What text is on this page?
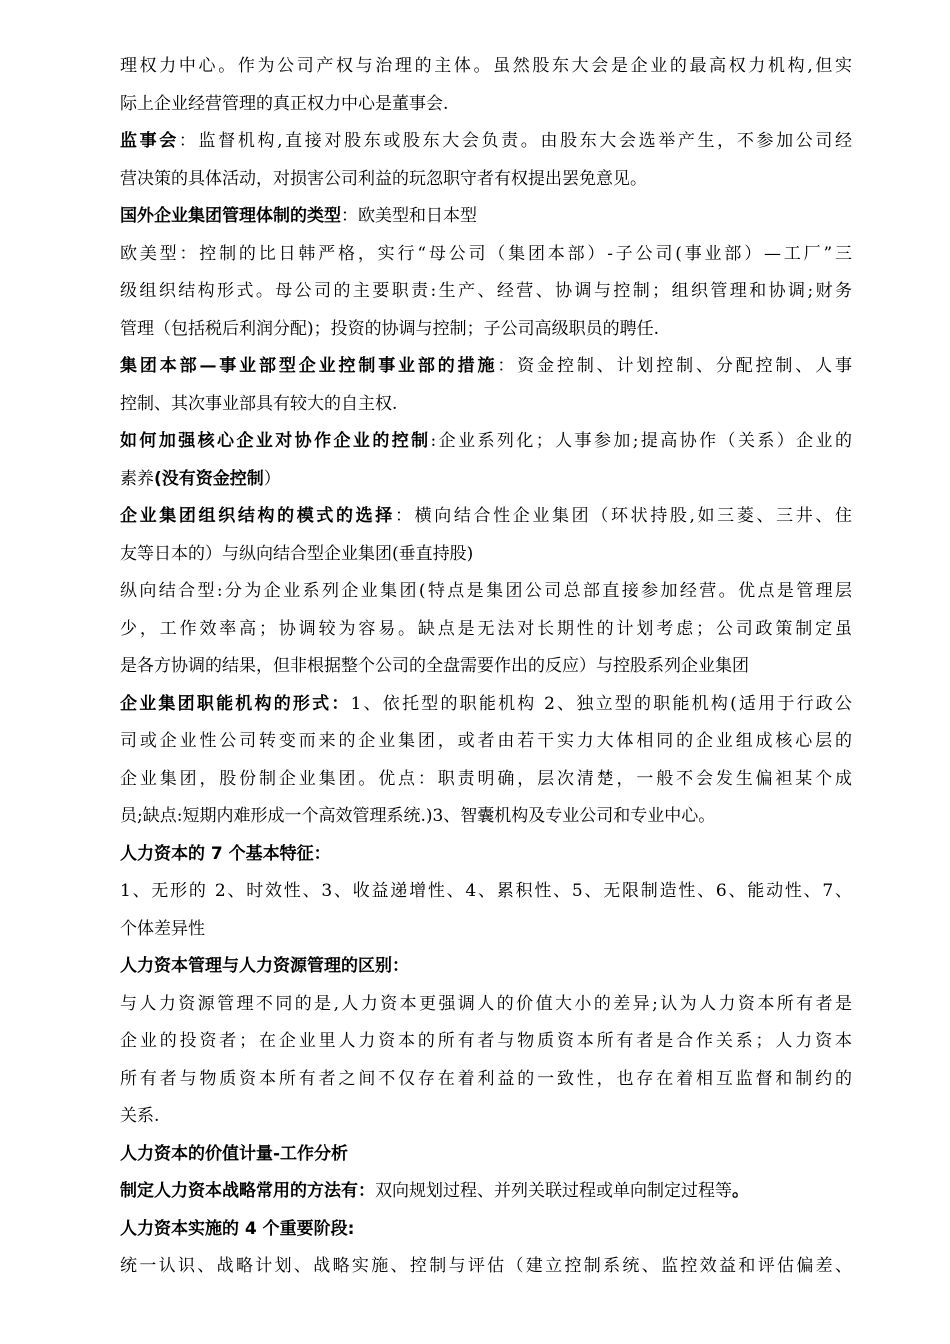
理权力中心。作为公司产权与治理的主体。虽然股东大会是企业的最高权力机构,但实
际上企业经营管理的真正权力中心是董事会.
监事会：监督机构,直接对股东或股东大会负责。由股东大会选举产生，不参加公司经
营决策的具体活动，对损害公司利益的玩忽职守者有权提出罢免意见。
国外企业集团管理体制的类型：欧美型和日本型
欧美型：控制的比日韩严格，实行“母公司（集团本部）-子公司(事业部）—工厂”三
级组织结构形式。母公司的主要职责:生产、经营、协调与控制；组织管理和协调;财务
管理（包括税后利润分配)；投资的协调与控制；子公司高级职员的聘任.
集团本部—事业部型企业控制事业部的措施：资金控制、计划控制、分配控制、人事
控制、其次事业部具有较大的自主权.
如何加强核心企业对协作企业的控制:企业系列化；人事参加;提高协作（关系）企业的
素养(没有资金控制）
企业集团组织结构的模式的选择：横向结合性企业集团（环状持股,如三菱、三井、住
友等日本的）与纵向结合型企业集团(垂直持股)
纵向结合型:分为企业系列企业集团(特点是集团公司总部直接参加经营。优点是管理层
少，工作效率高；协调较为容易。缺点是无法对长期性的计划考虑；公司政策制定虽
是各方协调的结果，但非根据整个公司的全盘需要作出的反应）与控股系列企业集团
企业集团职能机构的形式：1、依托型的职能机构 2、独立型的职能机构(适用于行政公
司或企业性公司转变而来的企业集团，或者由若干实力大体相同的企业组成核心层的
企业集团，股份制企业集团。优点：职责明确，层次清楚，一般不会发生偏袒某个成
员;缺点:短期内难形成一个高效管理系统.)3、智囊机构及专业公司和专业中心。
人力资本的 7 个基本特征：
1、无形的 2、时效性、3、收益递增性、4、累积性、5、无限制造性、6、能动性、7、
个体差异性
人力资本管理与人力资源管理的区别：
与人力资源管理不同的是,人力资本更强调人的价值大小的差异;认为人力资本所有者是
企业的投资者；在企业里人力资本的所有者与物质资本所有者是合作关系；人力资本
所有者与物质资本所有者之间不仅存在着利益的一致性，也存在着相互监督和制约的
关系.
人力资本的价值计量-工作分析
制定人力资本战略常用的方法有：双向规划过程、并列关联过程或单向制定过程等。
人力资本实施的 4 个重要阶段:
统一认识、战略计划、战略实施、控制与评估（建立控制系统、监控效益和评估偏差、
